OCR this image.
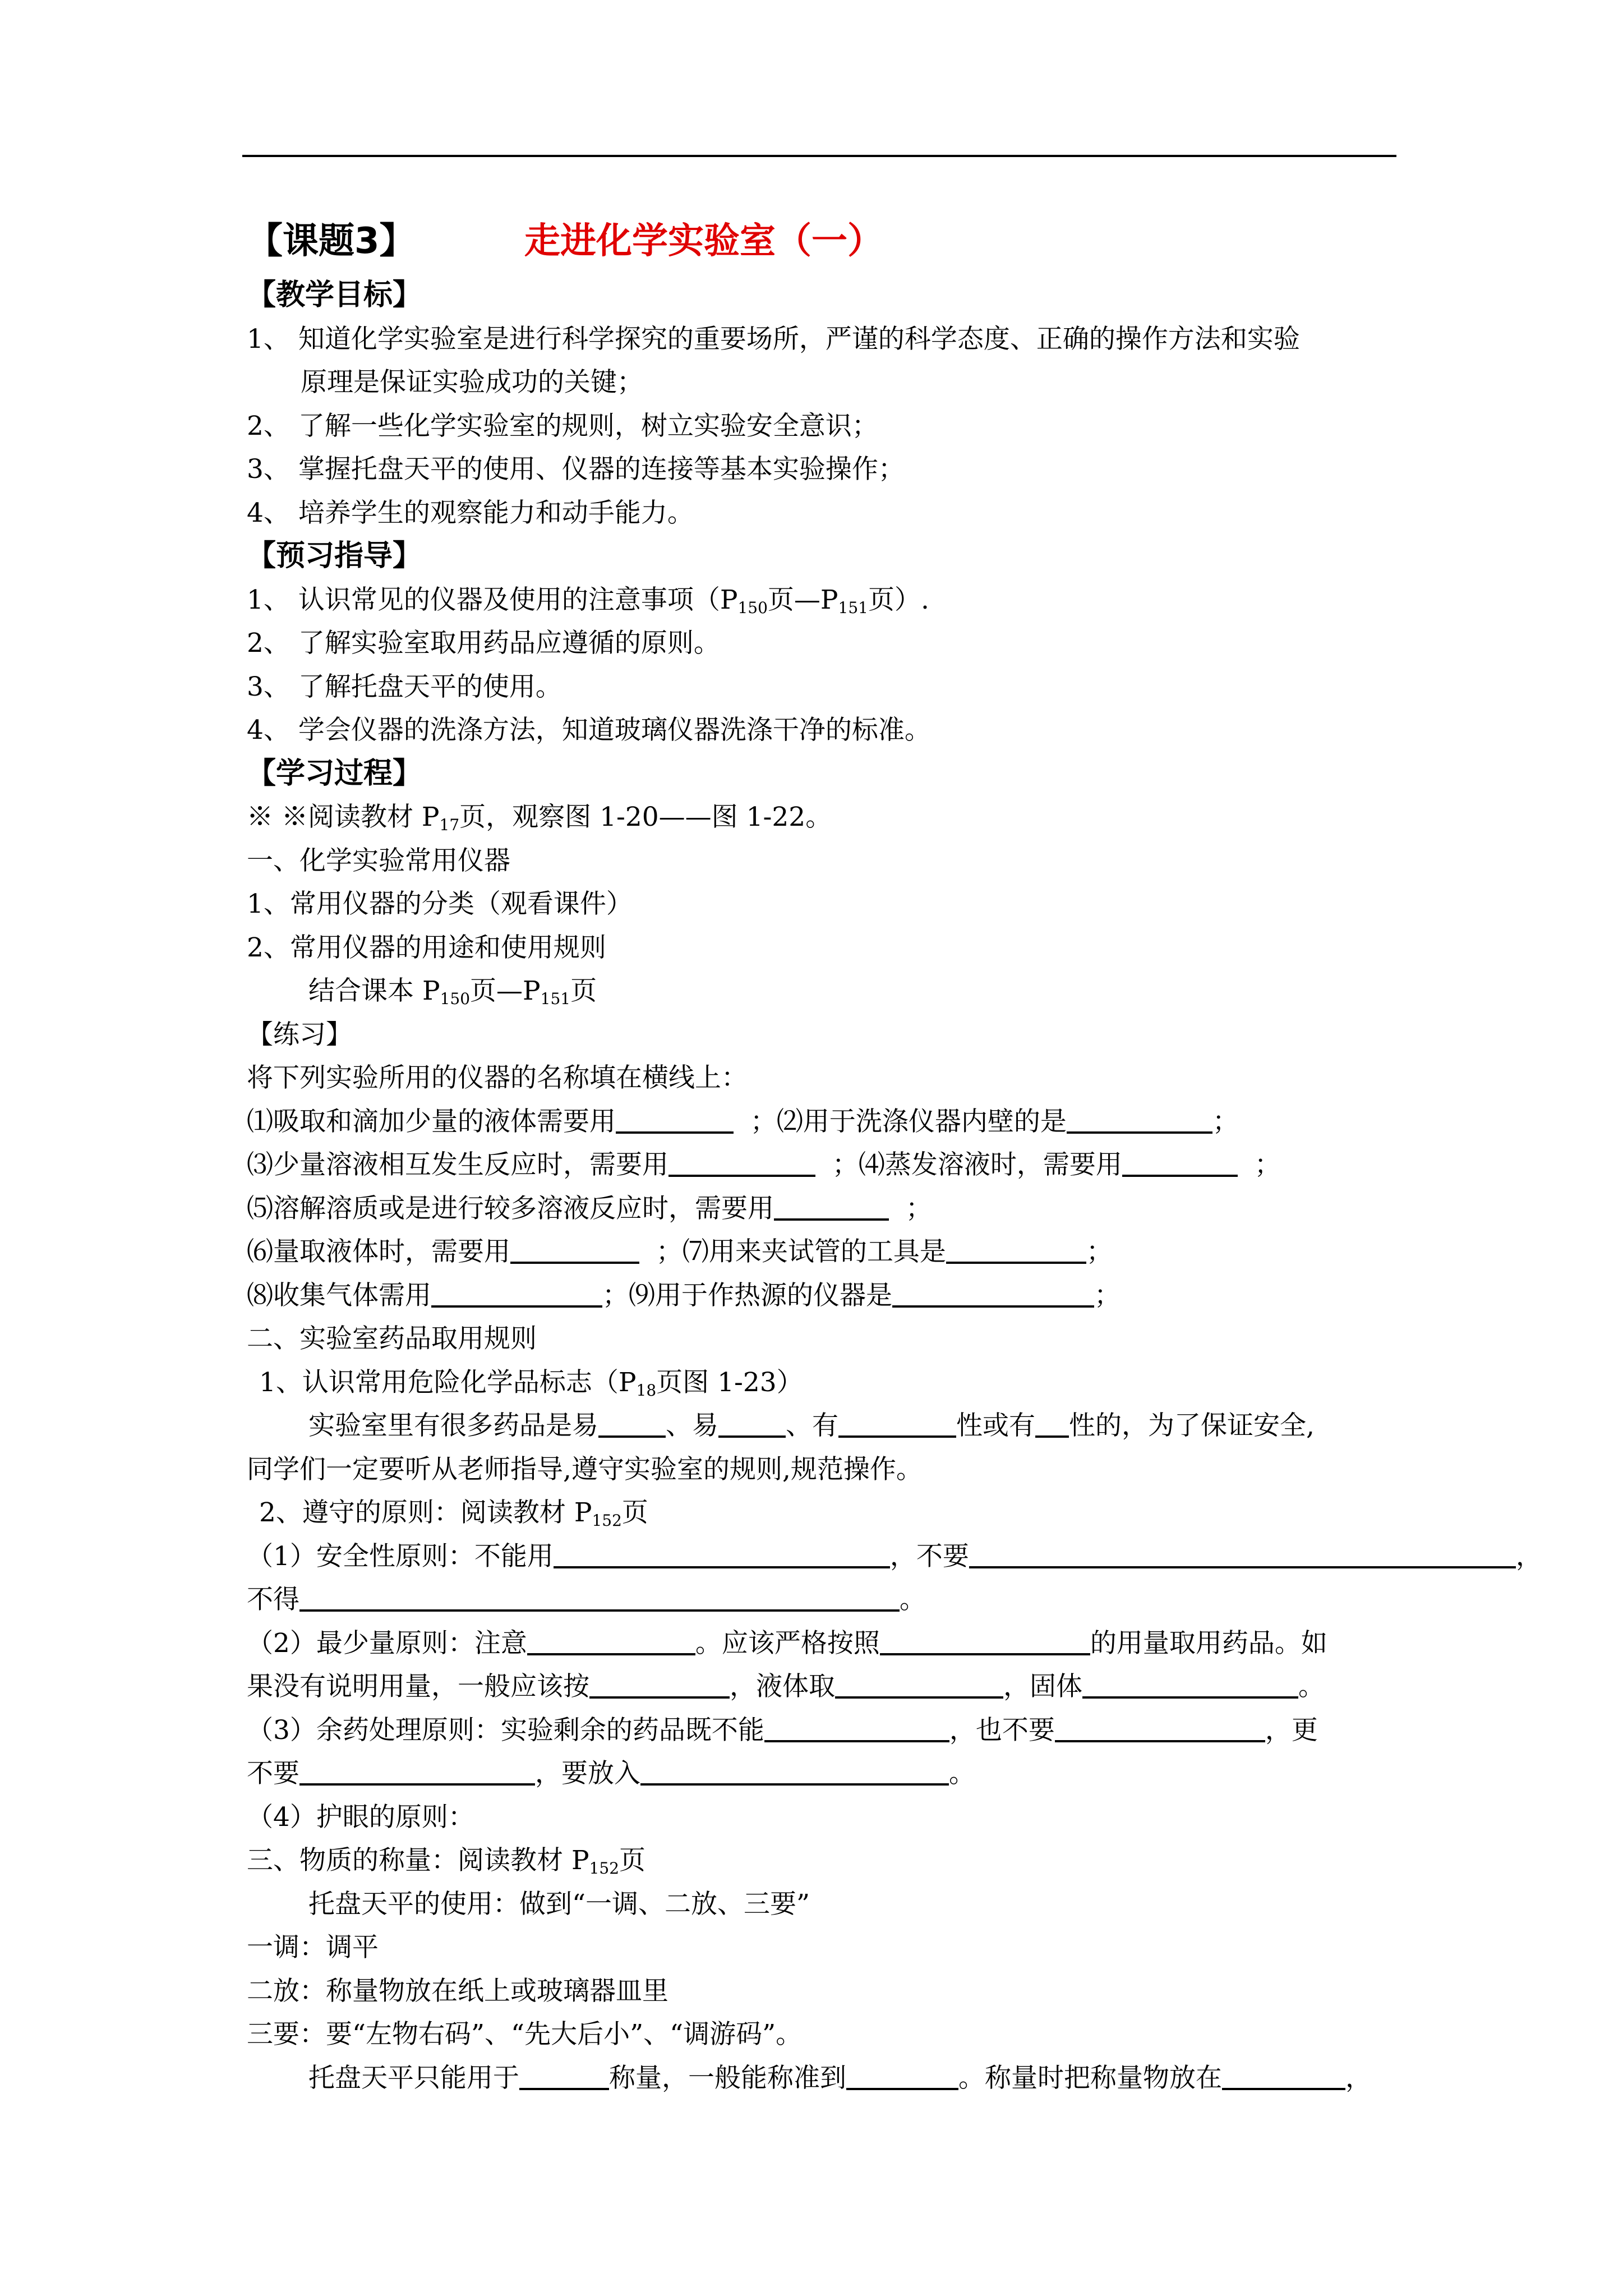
【课题3】	走进化学实验室（一）
【教学目标】
1、 知道化学实验室是进行科学探究的重要场所，严谨的科学态度、正确的操作方法和实验
原理是保证实验成功的关键；
2、 了解一些化学实验室的规则，树立实验安全意识；
3、 掌握托盘天平的使用、仪器的连接等基本实验操作；
4、 培养学生的观察能力和动手能力。
【预习指导】
1、 认识常见的仪器及使用的注意事项（$P_{150}$页$—P_{151}$页）.
2、 了解实验室取用药品应遵循的原则。
3、 了解托盘天平的使用。
4、 学会仪器的洗涤方法，知道玻璃仪器洗涤干净的标准。
【学习过程】
※ ※阅读教材 $P_{17}$页，观察图 1-20——图 1-22。
一、化学实验常用仪器
1、常用仪器的分类（观看课件）
2、常用仪器的用途和使用规则
结合课本 $P_{150}$页$—P_{151}$页
【练习】
将下列实验所用的仪器的名称填在横线上：
⑴吸取和滴加少量的液体需要用	；⑵用于洗涤仪器内壁的是	；
⑶少量溶液相互发生反应时，需要用	；⑷蒸发溶液时，需要用	；
⑸溶解溶质或是进行较多溶液反应时，需要用	；
⑹量取液体时，需要用	；⑺用来夹试管的工具是	；
⑻收集气体需用	；⑼用于作热源的仪器是	；
二、实验室药品取用规则
1、认识常用危险化学品标志（$P_{18}$页图 1-23）
实验室里有很多药品是易	、易	、有	性或有 性的，为了保证安全,
同学们一定要听从老师指导,遵守实验室的规则,规范操作。
2、遵守的原则：阅读教材 $P_{152}$页
（1）安全性原则：不能用	，不要	，
不得	。
（2）最少量原则：注意	。应该严格按照	的用量取用药品。如
果没有说明用量，一般应该按	，液体取	，固体	。
（3）余药处理原则：实验剩余的药品既不能	，也不要	，更
不要	，要放入	。
（4）护眼的原则：
三、物质的称量：阅读教材 $P_{152}$页
托盘天平的使用：做到“一调、二放、三要”
一调：调平
二放：称量物放在纸上或玻璃器皿里
三要：要“左物右码”、“先大后小”、“调游码”。
托盘天平只能用于	称量，一般能称准到	。称量时把称量物放在	，
